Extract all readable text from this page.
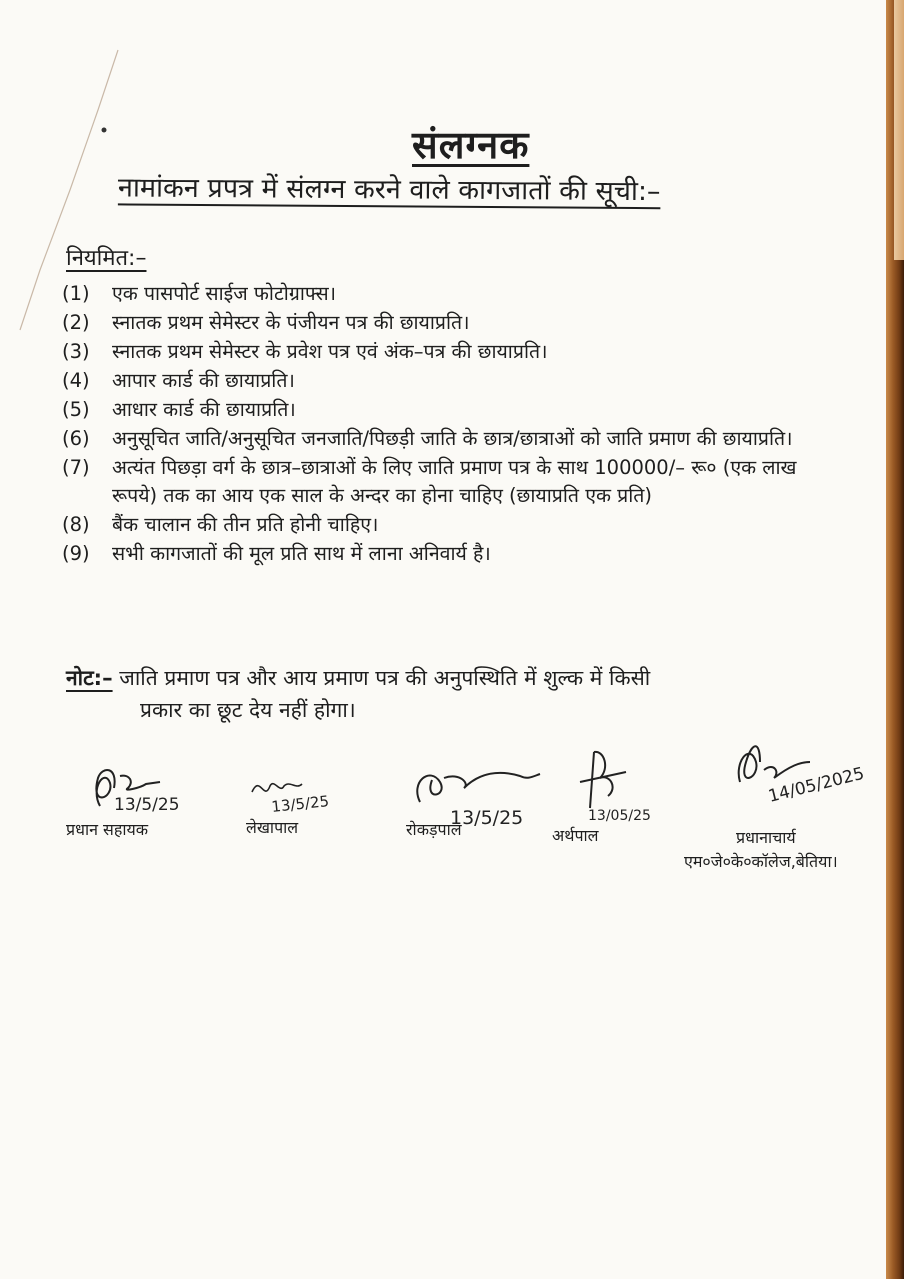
संलग्नक
नामांकन प्रपत्र में संलग्न करने वाले कागजातों की सूची:–
नियमित:–
(1)	एक पासपोर्ट साईज फोटोग्राफ्स।
(2)	स्नातक प्रथम सेमेस्टर के पंजीयन पत्र की छायाप्रति।
(3)	स्नातक प्रथम सेमेस्टर के प्रवेश पत्र एवं अंक–पत्र की छायाप्रति।
(4)	आपार कार्ड की छायाप्रति।
(5)	आधार कार्ड की छायाप्रति।
(6)	अनुसूचित जाति/अनुसूचित जनजाति/पिछड़ी जाति के छात्र/छात्राओं को जाति प्रमाण की छायाप्रति।
(7)	अत्यंत पिछड़ा वर्ग के छात्र–छात्राओं के लिए जाति प्रमाण पत्र के साथ 100000/– रू० (एक लाख रूपये) तक का आय एक साल के अन्दर का होना चाहिए (छायाप्रति एक प्रति)
(8)	बैंक चालान की तीन प्रति होनी चाहिए।
(9)	सभी कागजातों की मूल प्रति साथ में लाना अनिवार्य है।
नोट:– जाति प्रमाण पत्र और आय प्रमाण पत्र की अनुपस्थिति में शुल्क में किसी
प्रकार का छूट देय नहीं होगा।
13/5/25
प्रधान सहायक
13/5/25
लेखापाल	13/5/25
रोकड़पाल
13/05/25
अर्थपाल
14/05/2025
प्रधानाचार्य
एम०जे०के०कॉलेज,बेतिया।
